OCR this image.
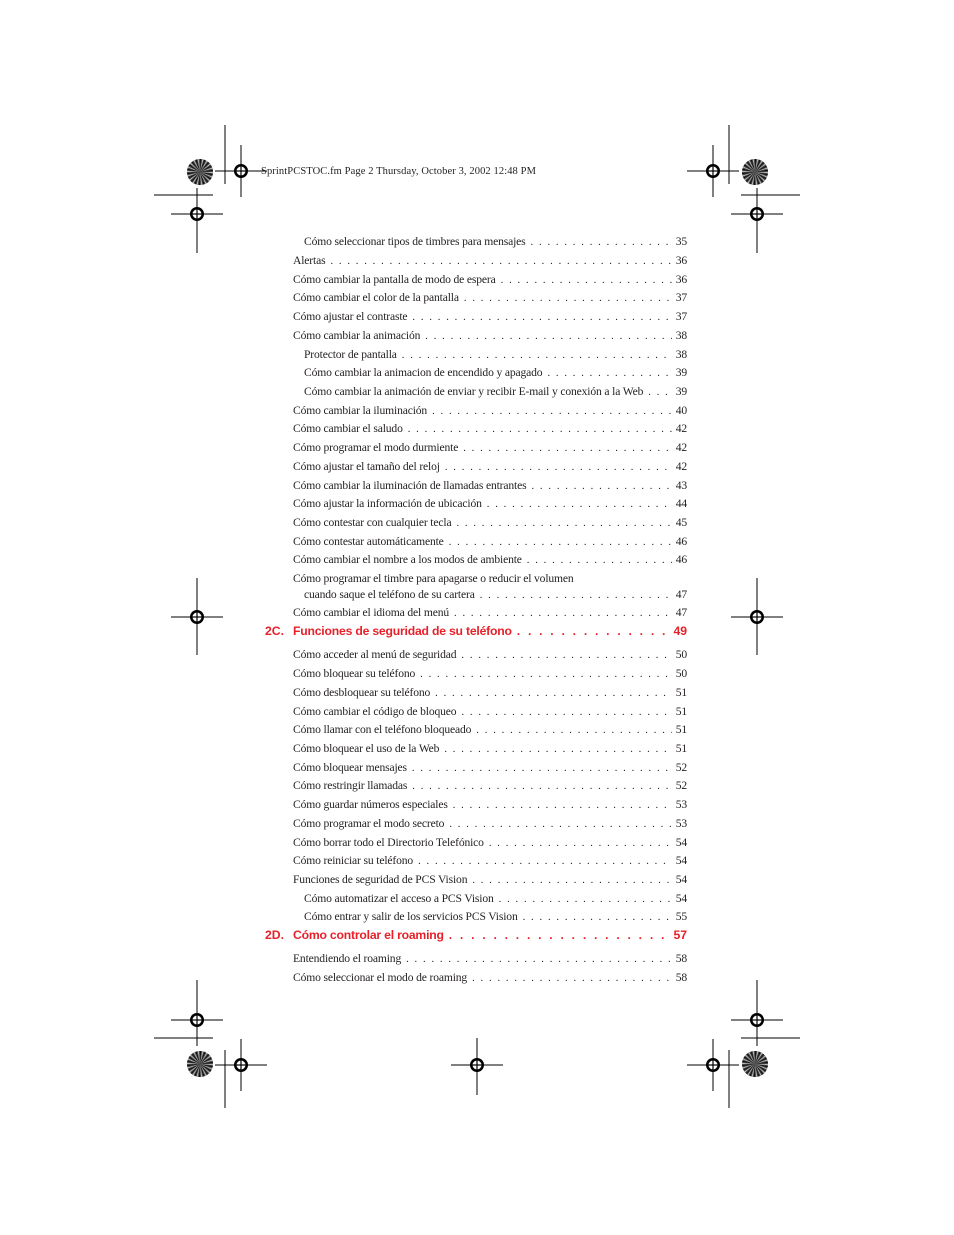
SprintPCSTOC.fm Page 2 Thursday, October 3, 2002 12:48 PM
Cómo seleccionar tipos de timbres para mensajes . . .	35
Alertas . . .	36
Cómo cambiar la pantalla de modo de espera . . .	36
Cómo cambiar el color de la pantalla . . .	37
Cómo ajustar el contraste . . .	37
Cómo cambiar la animación . . .	38
Protector de pantalla . . .	38
Cómo cambiar la animacion de encendido y apagado . . .	39
Cómo cambiar la animación de enviar y recibir E-mail y conexión a la Web . . .	39
Cómo cambiar la iluminación . . .	40
Cómo cambiar el saludo . . .	42
Cómo programar el modo durmiente . . .	42
Cómo ajustar el tamaño del reloj . . .	42
Cómo cambiar la iluminación de llamadas entrantes . . .	43
Cómo ajustar la información de ubicación . . .	44
Cómo contestar con cualquier tecla . . .	45
Cómo contestar automáticamente . . .	46
Cómo cambiar el nombre a los modos de ambiente . . .	46
Cómo programar el timbre para apagarse o reducir el volumen
cuando saque el teléfono de su cartera . . .	47
Cómo cambiar el idioma del menú . . .	47
2C. Funciones de seguridad de su teléfono . . .	49
Cómo acceder al menú de seguridad . . .	50
Cómo bloquear su teléfono . . .	50
Cómo desbloquear su teléfono . . .	51
Cómo cambiar el código de bloqueo . . .	51
Cómo llamar con el teléfono bloqueado . . .	51
Cómo bloquear el uso de la Web . . .	51
Cómo bloquear mensajes . . .	52
Cómo restringir llamadas . . .	52
Cómo guardar números especiales . . .	53
Cómo programar el modo secreto . . .	53
Cómo borrar todo el Directorio Telefónico . . .	54
Cómo reiniciar su teléfono . . .	54
Funciones de seguridad de PCS Vision . . .	54
Cómo automatizar el acceso a PCS Vision . . .	54
Cómo entrar y salir de los servicios PCS Vision . . .	55
2D. Cómo controlar el roaming . . .	57
Entendiendo el roaming . . .	58
Cómo seleccionar el modo de roaming . . .	58
